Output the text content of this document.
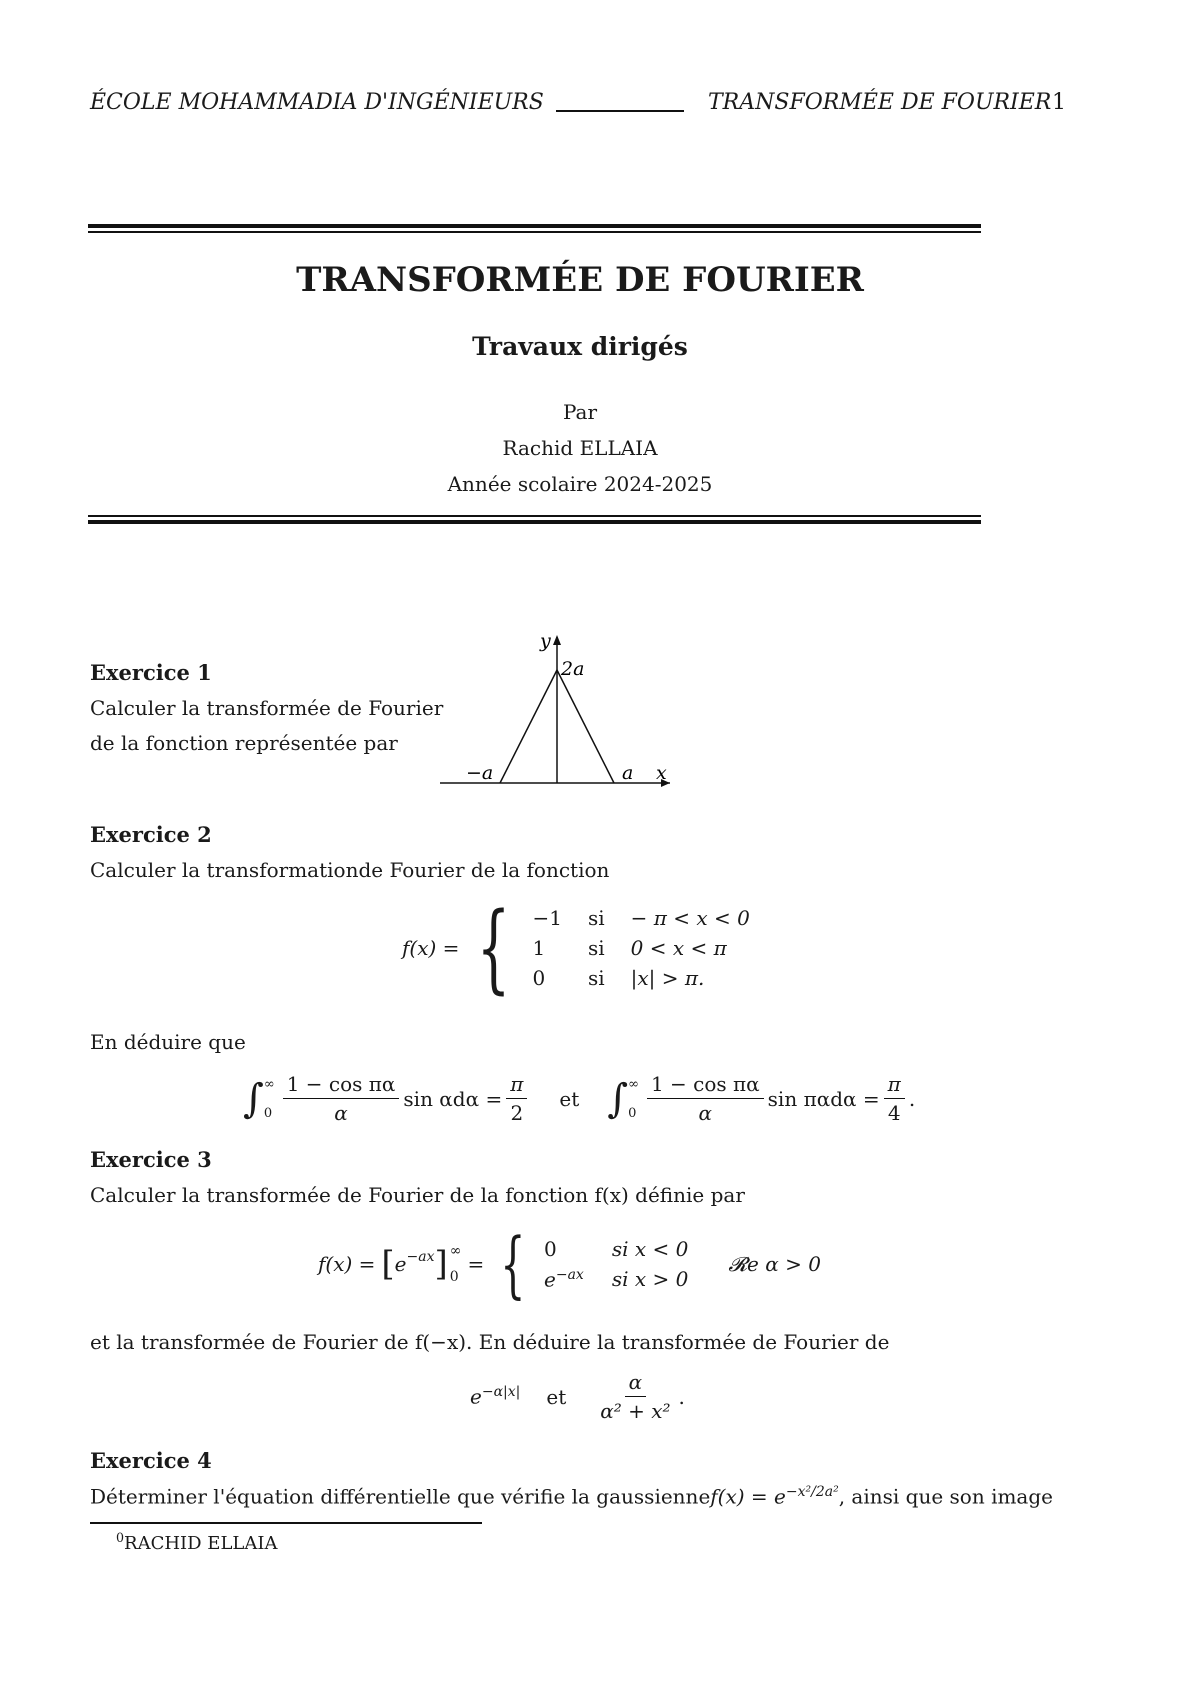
ÉCOLE MOHAMMADIA D'INGÉNIEURS	TRANSFORMÉE DE FOURIER 1
TRANSFORMÉE DE FOURIER
Travaux dirigés
Par
Rachid ELLAIA
Année scolaire 2024-2025
Exercice 1
Calculer la transformée de Fourier
de la fonction représentée par
y
2a
−a	a x
Exercice 2
Calculer la transformationde Fourier de la fonction
f(x) = { −1 si − π < x < 0
1	si 0 < x < π
0	si |x| > π.
En déduire que
∫ ∞
$0 \frac{\text{1 − cos πα}}{\alpha}$ $\sin \alpha d\alpha = \frac{\pi}{2}$ et ∫ ∞
$0 \frac{\text{1 − cos πα}}{\alpha}$ $\sin \pi\alpha d\alpha = \frac{\pi}{4}$ .
Exercice 3
Calculer la transformée de Fourier de la fonction f(x) définie par
f(x) = [ $e^{-ax}$ ] ∞
0
= { 0	si x < 0
$e^{-ax}$ si x > 0
𝓡e α > 0
et la transformée de Fourier de f(−x). En déduire la transformée de Fourier de
$e^{-\alpha|x|}$ et $\frac{\alpha}{\text{α² + x²}}$ .
Exercice 4
Déterminer l'équation différentielle que vérifie la gaussiennef(x) = $e^{-x^2/2a^2}$, ainsi que son image
$^0$RACHID ELLAIA
